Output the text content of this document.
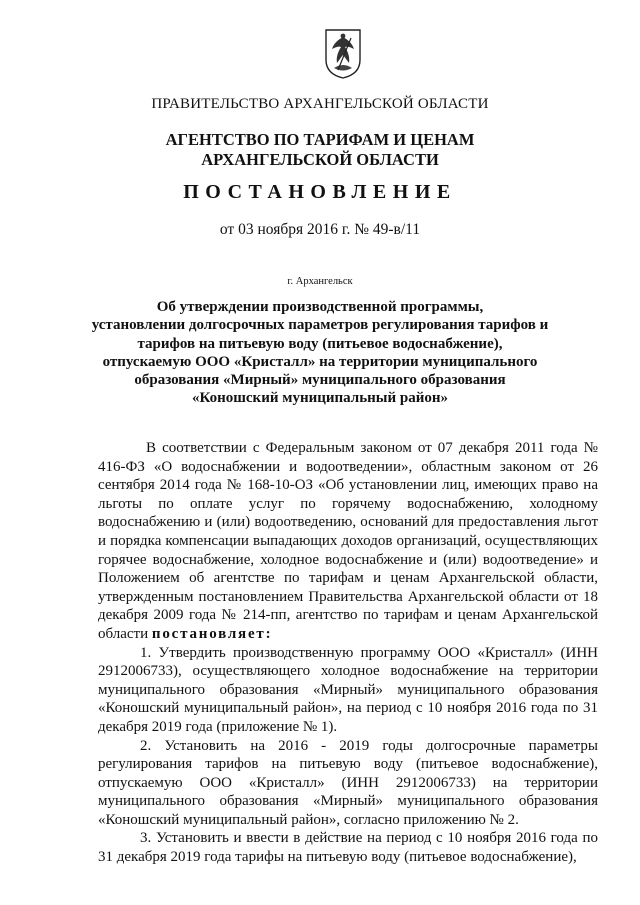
ПРАВИТЕЛЬСТВО АРХАНГЕЛЬСКОЙ ОБЛАСТИ
АГЕНТСТВО ПО ТАРИФАМ И ЦЕНАМ
АРХАНГЕЛЬСКОЙ ОБЛАСТИ
ПОСТАНОВЛЕНИЕ
от 03 ноября 2016 г. № 49-в/11
г. Архангельск
Об утверждении производственной программы,
установлении долгосрочных параметров регулирования тарифов и
тарифов на питьевую воду (питьевое водоснабжение),
отпускаемую ООО «Кристалл» на территории муниципального
образования «Мирный» муниципального образования
«Коношский муниципальный район»

В соответствии с Федеральным законом от 07 декабря 2011 года № 416-ФЗ «О водоснабжении и водоотведении», областным законом от 26 сентября 2014 года № 168-10-ОЗ «Об установлении лиц, имеющих право на льготы по оплате услуг по горячему водоснабжению, холодному водоснабжению и (или) водоотведению, оснований для предоставления льгот и порядка компенсации выпадающих доходов организаций, осуществляющих горячее водоснабжение, холодное водоснабжение и (или) водоотведение» и Положением об агентстве по тарифам и ценам Архангельской области, утвержденным постановлением Правительства Архангельской области от 18 декабря 2009 года № 214-пп, агентство по тарифам и ценам Архангельской области постановляет:

1. Утвердить производственную программу ООО «Кристалл» (ИНН 2912006733), осуществляющего холодное водоснабжение на территории муниципального образования «Мирный» муниципального образования «Коношский муниципальный район», на период с 10 ноября 2016 года по 31 декабря 2019 года (приложение № 1).

2. Установить на 2016 - 2019 годы долгосрочные параметры регулирования тарифов на питьевую воду (питьевое водоснабжение), отпускаемую ООО «Кристалл» (ИНН 2912006733) на территории муниципального образования «Мирный» муниципального образования «Коношский муниципальный район», согласно приложению № 2.

3. Установить и ввести в действие на период с 10 ноября 2016 года по 31 декабря 2019 года тарифы на питьевую воду (питьевое водоснабжение),
